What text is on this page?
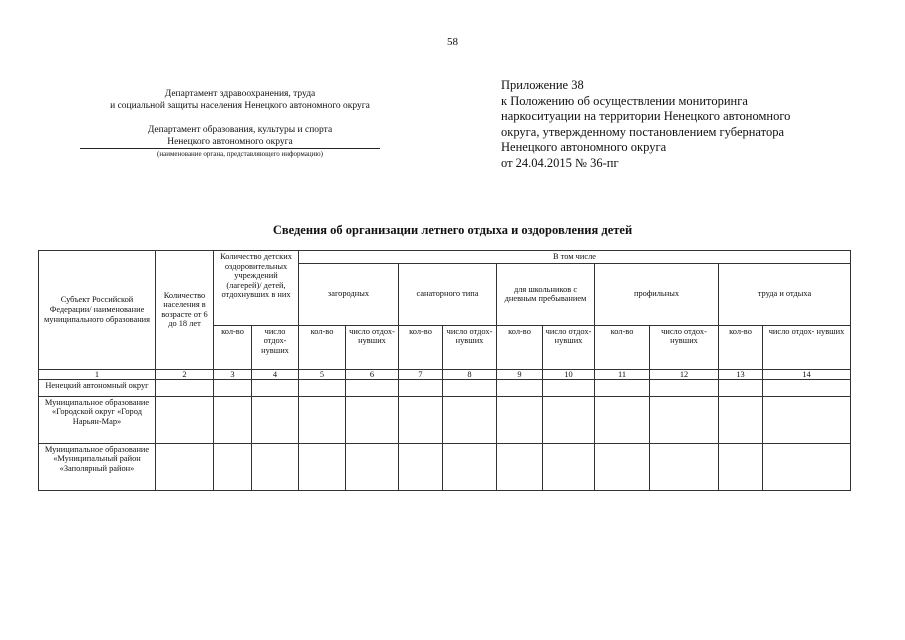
58
Департамент здравоохранения, труда
и социальной защиты населения Ненецкого автономного округа
Департамент образования, культуры и спорта
Ненецкого автономного округа
(наименование органа, представляющего информацию)
Приложение 38
к Положению об осуществлении мониторинга
наркоситуации на территории Ненецкого автономного
округа, утвержденному постановлением губернатора
Ненецкого автономного округа
от 24.04.2015 № 36-пг
Сведения об организации летнего отдыха и оздоровления детей
Субъект Российской Федерации/ наименование муниципального образования	Количество населения в возрасте от 6 до 18 лет	Количество детских оздоровительных учреждений (лагерей)/ детей, отдохнувших в них		В том числе									
				загородных		санаторного типа		для школьников с дневным пребыванием		профильных		труда и отдыха	
		кол-во	число отдох-нувших	кол-во	число отдох-нувших	кол-во	число отдох-нувших	кол-во	число отдох-нувших	кол-во	число отдох-нувших	кол-во	число отдох- нувших
1	2	3	4	5	6	7	8	9	10	11	12	13	14
Ненецкий автономный округ													
Муниципальное образование «Городской округ «Город Нарьян-Мар»													
Муниципальное образование «Муниципальный район «Заполярный район»													
